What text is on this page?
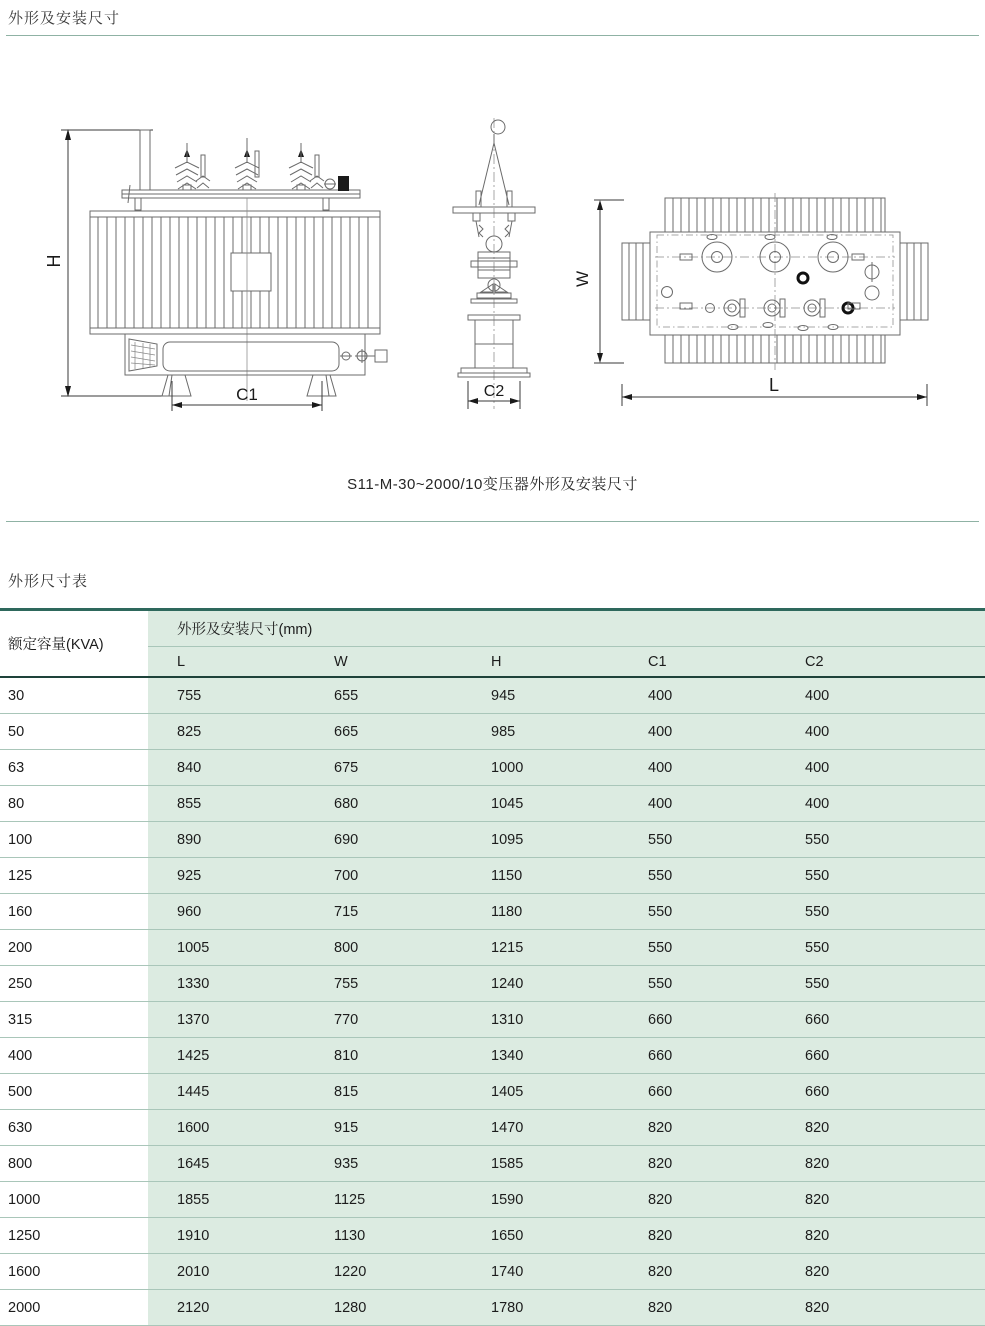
外形及安装尺寸
H
C1	C2
W
L
S11-M-30~2000/10变压器外形及安装尺寸
外形尺寸表
额定容量(KVA)	外形及安装尺寸(mm)				
	L	W	H	C1	C2
30	755	655	945	400	400
50	825	665	985	400	400
63	840	675	1000	400	400
80	855	680	1045	400	400
100	890	690	1095	550	550
125	925	700	1150	550	550
160	960	715	1180	550	550
200	1005	800	1215	550	550
250	1330	755	1240	550	550
315	1370	770	1310	660	660
400	1425	810	1340	660	660
500	1445	815	1405	660	660
630	1600	915	1470	820	820
800	1645	935	1585	820	820
1000	1855	1125	1590	820	820
1250	1910	1130	1650	820	820
1600	2010	1220	1740	820	820
2000	2120	1280	1780	820	820
